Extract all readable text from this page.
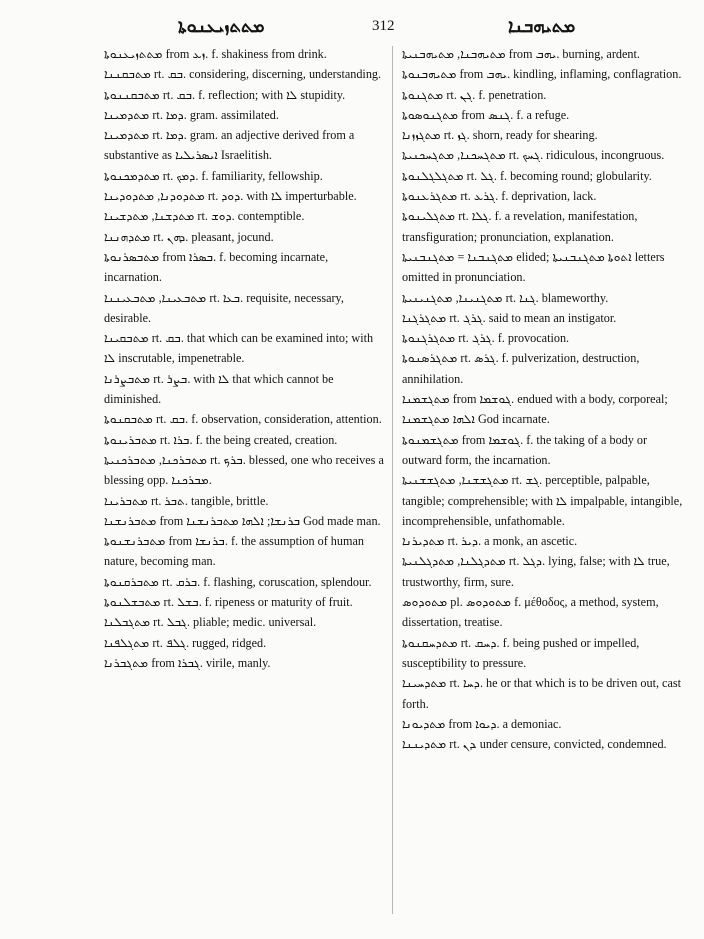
ܡܬܬܙܝܥܢܘܬܐ	312	ܡܬܝܗܒܢܐ

ܡܬܬܙܝܥܢܘܬܐ from ܙܥ. f. shakiness from drink.

ܡܬܒܩܢܢܐ rt. ܒܩ. considering, discerning, understanding.

ܡܬܒܩܢܢܘܬܐ rt. ܒܩ. f. reflection; with ܠܐ stupidity.

ܡܬܕܡܝܢܐ rt. ܕܡܐ. gram. assimilated.

ܡܬܕܡܝܢܐ rt. ܕܡܐ. gram. an adjective derived from a substantive as ܐܝܣܪܝܠܝܐ Israelitish.

ܡܬܕܡܟܢܘܬܐ rt. ܕܡܟ. f. familiarity, fellowship.

ܡܬܕܘܕܢܐ, ܡܬܕܘܕܝܢܐ rt. ܕܘܕ. with ܠܐ imperturbable.

ܡܬܕܫܢܐ, ܡܬܕܫܝܢܐ rt. ܕܘܫ. contemptible.

ܡܬܕܗܢܢܐ rt. ܕܗܢ. pleasant, jocund.

ܡܬܒܣܪܢܘܬܐ from ܒܣܪܐ. f. becoming incarnate, incarnation.

ܡܬܒܥܝܢܐ, ܡܬܒܥܝܢܢܐ rt. ܒܥܐ. requisite, necessary, desirable.

ܡܬܒܩܝܢܐ rt. ܒܩ. that which can be examined into; with ܠܐ inscrutable, impenetrable.

ܡܬܒܨܪܢܐ rt. ܒܨܪ. with ܠܐ that which cannot be diminished.

ܡܬܒܩܢܘܬܐ rt. ܒܩ. f. observation, consideration, attention.

ܡܬܒܪܝܢܘܬܐ rt. ܒܪܐ. f. the being created, creation.

ܡܬܒܪܟܢܐ, ܡܬܒܪܟܢܝܬܐ rt. ܒܪܟ. blessed, one who receives a blessing opp. ܡܒܪܟܢܐ.

ܡܬܒܪܝܢܐ rt. ܬܒܪ. tangible, brittle.

ܡܬܒܪܢܫܢܐ from ܒܪܢܫܐ; ܐܠܗܐ ܡܬܒܪܢܫܢܐ God made man.

ܡܬܒܪܢܫܢܘܬܐ from ܒܪܢܫܐ. f. the assumption of human nature, becoming man.

ܡܬܒܪܩܢܘܬܐ rt. ܒܪܩ. f. flashing, coruscation, splendour.

ܡܬܒܫܠܢܘܬܐ rt. ܒܫܠ. f. ripeness or maturity of fruit.

ܡܬܓܒܠܢܐ rt. ܓܒܠ. pliable; medic. universal.

ܡܬܓܠܦܢܐ rt. ܓܠܦ. rugged, ridged.

ܡܬܓܒܪܢܐ from ܓܒܪܐ. virile, manly.

ܡܬܝܗܒܢܐ, ܡܬܝܗܒܢܝܬܐ from ܝܗܒ. burning, ardent.

ܡܬܝܗܒܢܘܬܐ from ܝܗܒ. kindling, inflaming, conflagration.

ܡܬܓܢܘܬܐ rt. ܓܢ. f. penetration.

ܡܬܓܢܘܣܘܬܐ from ܓܢܣ. f. a refuge.

ܡܬܓܙܙܢܐ rt. ܓܙ. shorn, ready for shearing.

ܡܬܓܚܟܢܐ, ܡܬܓܚܟܢܝܬܐ rt. ܓܚܟ. ridiculous, incongruous.

ܡܬܓܠܓܠܢܘܬܐ rt. ܓܠ. f. becoming round; globularity.

ܡܬܓܪܥܢܘܬܐ rt. ܓܪܥ. f. deprivation, lack.

ܡܬܓܠܝܢܘܬܐ rt. ܓܠܐ. f. a revelation, manifestation, transfiguration; pronunciation, explanation.

ܡܬܓܢܒܢܐ = ܡܬܓܢܒܢܝܬܐ elided; ܐܬܘܬܐ ܡܬܓܢܒܢܝܬܐ letters omitted in pronunciation.

ܡܬܓܢܝܢܐ, ܡܬܓܢܝܢܝܬܐ rt. ܓܢܐ. blameworthy.

ܡܬܓܪܓܢܐ rt. ܓܪܓ. said to mean an instigator.

ܡܬܓܪܓܢܘܬܐ rt. ܓܪܓ. f. provocation.

ܡܬܓܪܣܢܘܬܐ rt. ܓܪܣ. f. pulverization, destruction, annihilation.

ܡܬܓܫܡܢܐ from ܓܘܫܡܐ. endued with a body, corporeal; ܐܠܗܐ ܡܬܓܫܡܢܐ God incarnate.

ܡܬܓܫܡܢܘܬܐ from ܓܘܫܡܐ. f. the taking of a body or outward form, the incarnation.

ܡܬܓܫܫܢܐ, ܡܬܓܫܫܢܝܬܐ rt. ܓܫ. perceptible, palpable, tangible; comprehensible; with ܠܐ impalpable, intangible, incomprehensible, unfathomable.

ܡܬܕܝܪܢܐ rt. ܕܝܪ. a monk, an ascetic.

ܡܬܕܓܠܢܐ, ܡܬܕܓܠܢܝܬܐ rt. ܕܓܠ. lying, false; with ܠܐ true, trustworthy, firm, sure.

ܡܬܘܕܘܣ pl. ܡܬܘܕܘܣ f. μέθοδος, a method, system, dissertation, treatise.

ܡܬܕܚܩܢܘܬܐ rt. ܕܚܩ. f. being pushed or impelled, susceptibility to pressure.

ܡܬܕܚܝܢܐ rt. ܕܚܐ. he or that which is to be driven out, cast forth.

ܡܬܕܝܘܢܐ from ܕܝܘܐ. a demoniac.

ܡܬܕܝܢܢܐ rt. ܕܢ. under censure, convicted, condemned.
